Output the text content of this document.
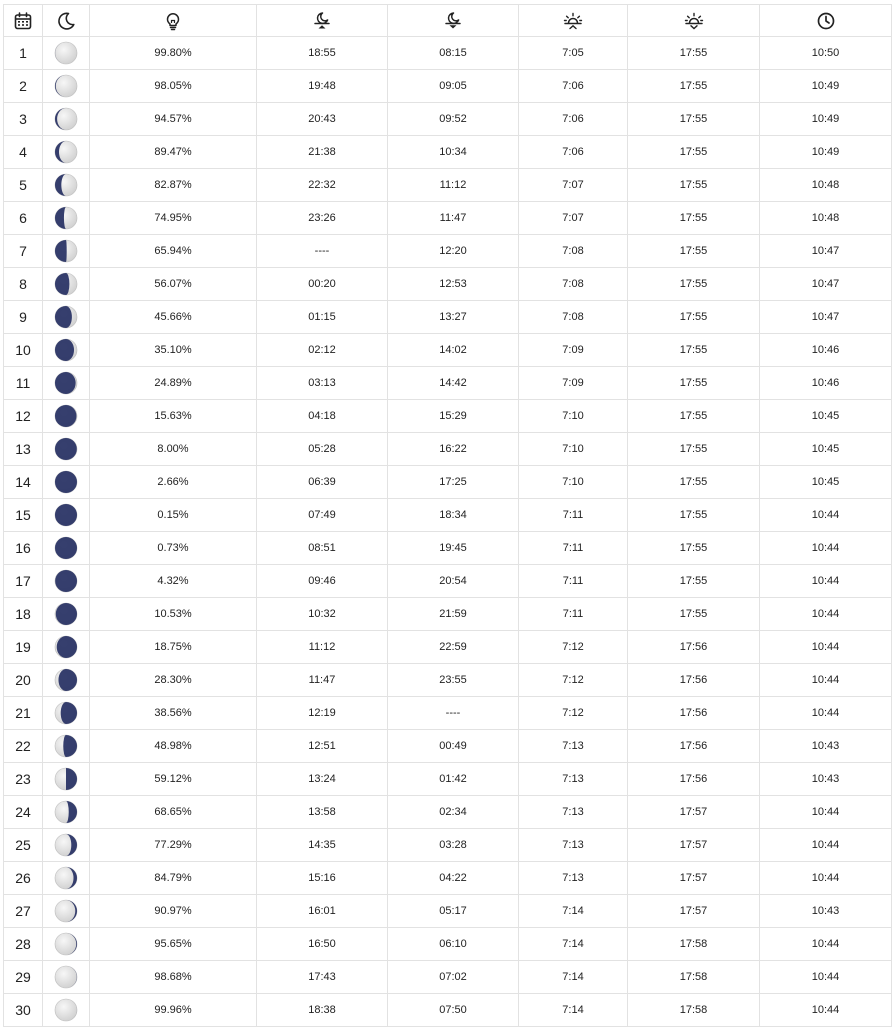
1		99.80%	18:55	08:15	7:05	17:55	10:50
2		98.05%	19:48	09:05	7:06	17:55	10:49
3		94.57%	20:43	09:52	7:06	17:55	10:49
4		89.47%	21:38	10:34	7:06	17:55	10:49
5		82.87%	22:32	11:12	7:07	17:55	10:48
6		74.95%	23:26	11:47	7:07	17:55	10:48
7		65.94%	----	12:20	7:08	17:55	10:47
8		56.07%	00:20	12:53	7:08	17:55	10:47
9		45.66%	01:15	13:27	7:08	17:55	10:47
10		35.10%	02:12	14:02	7:09	17:55	10:46
11		24.89%	03:13	14:42	7:09	17:55	10:46
12		15.63%	04:18	15:29	7:10	17:55	10:45
13		8.00%	05:28	16:22	7:10	17:55	10:45
14		2.66%	06:39	17:25	7:10	17:55	10:45
15		0.15%	07:49	18:34	7:11	17:55	10:44
16		0.73%	08:51	19:45	7:11	17:55	10:44
17		4.32%	09:46	20:54	7:11	17:55	10:44
18		10.53%	10:32	21:59	7:11	17:55	10:44
19		18.75%	11:12	22:59	7:12	17:56	10:44
20		28.30%	11:47	23:55	7:12	17:56	10:44
21		38.56%	12:19	----	7:12	17:56	10:44
22		48.98%	12:51	00:49	7:13	17:56	10:43
23		59.12%	13:24	01:42	7:13	17:56	10:43
24		68.65%	13:58	02:34	7:13	17:57	10:44
25		77.29%	14:35	03:28	7:13	17:57	10:44
26		84.79%	15:16	04:22	7:13	17:57	10:44
27		90.97%	16:01	05:17	7:14	17:57	10:43
28		95.65%	16:50	06:10	7:14	17:58	10:44
29		98.68%	17:43	07:02	7:14	17:58	10:44
30		99.96%	18:38	07:50	7:14	17:58	10:44
